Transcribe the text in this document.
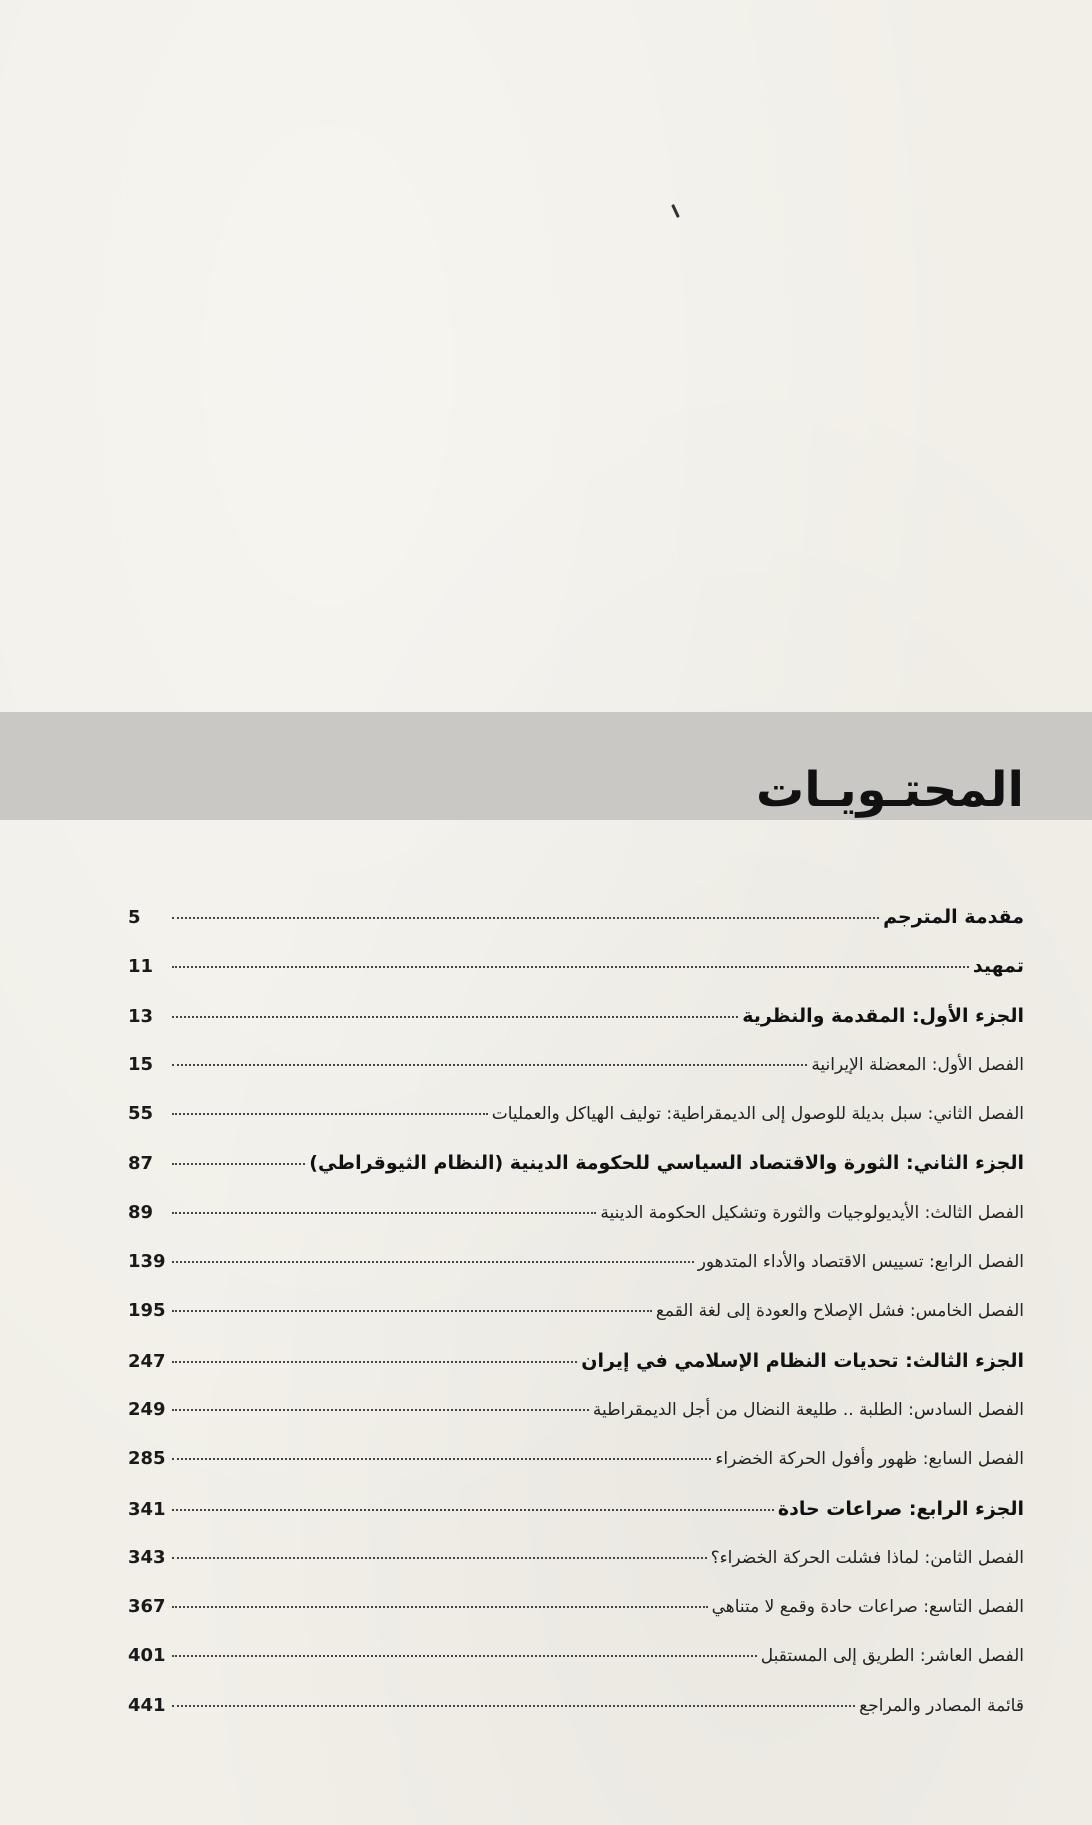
المحتـويـات
مقدمة المترجم
5
تمهيد
11
الجزء الأول: المقدمة والنظرية
13
الفصل الأول: المعضلة الإيرانية
15
الفصل الثاني: سبل بديلة للوصول إلى الديمقراطية: توليف الهياكل والعمليات
55
الجزء الثاني: الثورة والاقتصاد السياسي للحكومة الدينية (النظام الثيوقراطي)
87
الفصل الثالث: الأيديولوجيات والثورة وتشكيل الحكومة الدينية
89
الفصل الرابع: تسييس الاقتصاد والأداء المتدهور
139
الفصل الخامس: فشل الإصلاح والعودة إلى لغة القمع
195
الجزء الثالث: تحديات النظام الإسلامي في إيران
247
الفصل السادس: الطلبة .. طليعة النضال من أجل الديمقراطية
249
الفصل السابع: ظهور وأفول الحركة الخضراء
285
الجزء الرابع: صراعات حادة
341
الفصل الثامن: لماذا فشلت الحركة الخضراء؟
343
الفصل التاسع: صراعات حادة وقمع لا متناهي
367
الفصل العاشر: الطريق إلى المستقبل
401
قائمة المصادر والمراجع
441
